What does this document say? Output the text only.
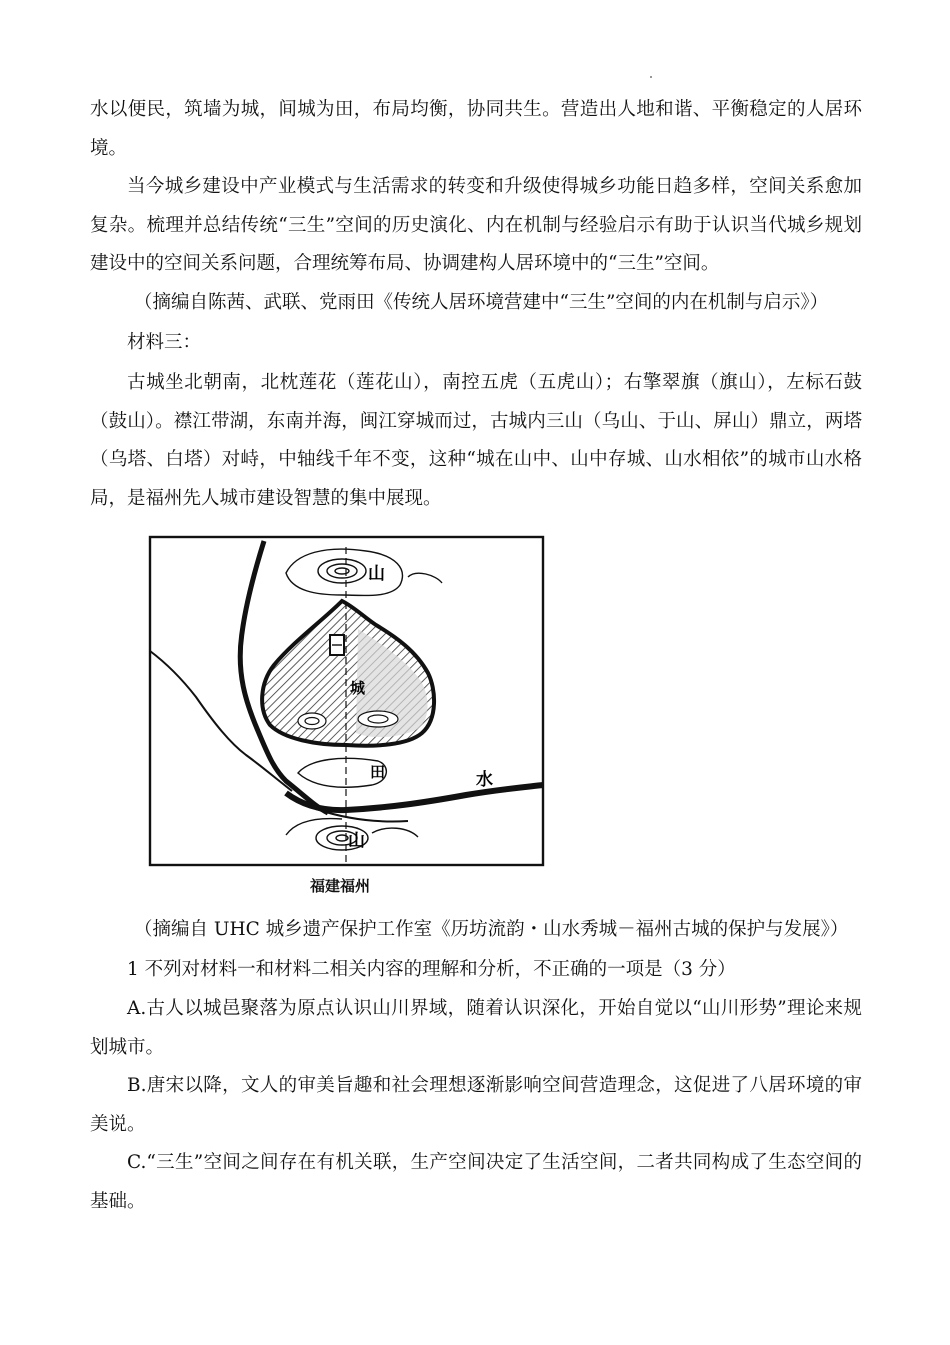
水以便民，筑墙为城，间城为田，布局均衡，协同共生。营造出人地和谐、平衡稳定的人居环境。

当今城乡建设中产业模式与生活需求的转变和升级使得城乡功能日趋多样，空间关系愈加复杂。梳理并总结传统“三生”空间的历史演化、内在机制与经验启示有助于认识当代城乡规划建设中的空间关系问题，合理统筹布局、协调建构人居环境中的“三生”空间。

（摘编自陈茜、武联、党雨田《传统人居环境营建中“三生”空间的内在机制与启示》）

材料三：

古城坐北朝南，北枕莲花（莲花山），南控五虎（五虎山）；右擎翠旗（旗山），左标石鼓（鼓山）。襟江带湖，东南并海，闽江穿城而过，古城内三山（乌山、于山、屏山）鼎立，两塔（乌塔、白塔）对峙，中轴线千年不变，这种“城在山中、山中存城、山水相依”的城市山水格局，是福州先人城市建设智慧的集中展现。

山
城
田	水
山
福建福州

（摘编自 UHC 城乡遗产保护工作室《历坊流韵・山水秀城－福州古城的保护与发展》）

1 不列对材料一和材料二相关内容的理解和分析，不正确的一项是（3 分）

A.古人以城邑聚落为原点认识山川界域，随着认识深化，开始自觉以“山川形势”理论来规划城市。

B.唐宋以降，文人的审美旨趣和社会理想逐渐影响空间营造理念，这促进了八居环境的审美说。

C.“三生”空间之间存在有机关联，生产空间决定了生活空间，二者共同构成了生态空间的基础。
